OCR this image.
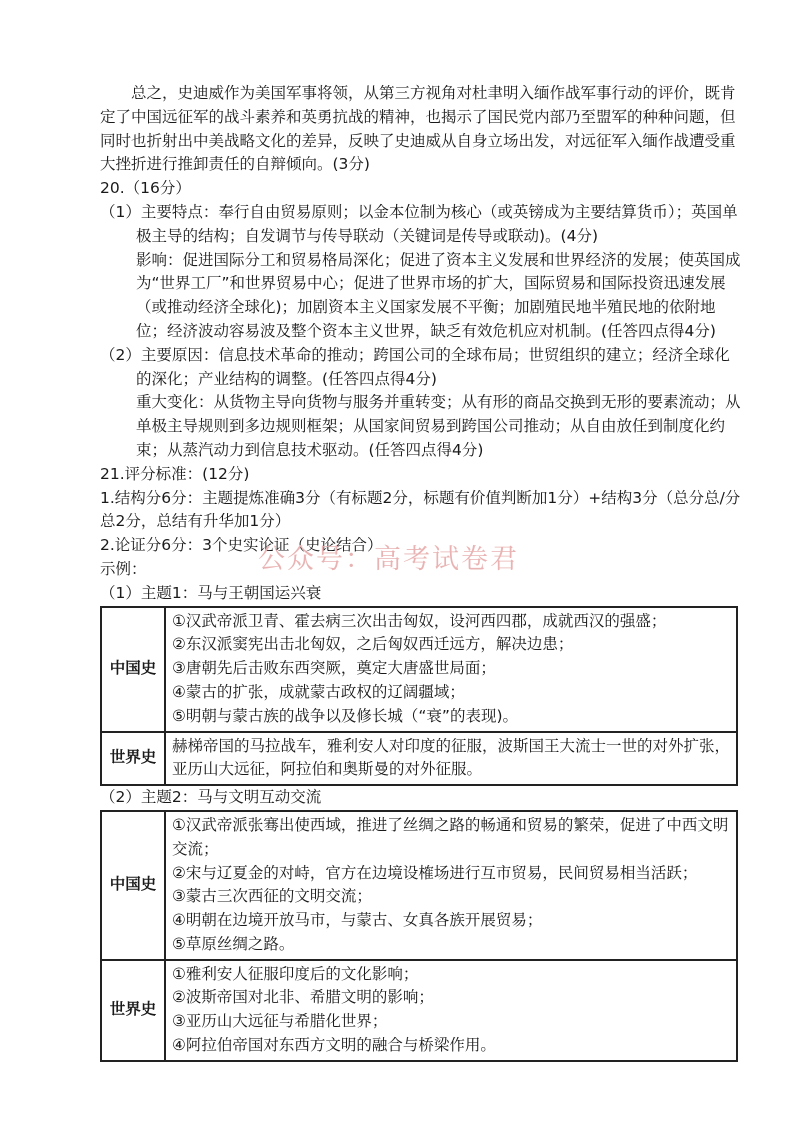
总之，史迪威作为美国军事将领，从第三方视角对杜聿明入缅作战军事行动的评价，既肯定了中国远征军的战斗素养和英勇抗战的精神，也揭示了国民党内部乃至盟军的种种问题，但同时也折射出中美战略文化的差异，反映了史迪威从自身立场出发，对远征军入缅作战遭受重大挫折进行推卸责任的自辩倾向。(3分)

20.（16分）

（1）主要特点：奉行自由贸易原则；以金本位制为核心（或英镑成为主要结算货币）；英国单极主导的结构；自发调节与传导联动（关键词是传导或联动)。(4分)

影响：促进国际分工和贸易格局深化；促进了资本主义发展和世界经济的发展；使英国成为“世界工厂”和世界贸易中心；促进了世界市场的扩大，国际贸易和国际投资迅速发展（或推动经济全球化)；加剧资本主义国家发展不平衡；加剧殖民地半殖民地的依附地位；经济波动容易波及整个资本主义世界，缺乏有效危机应对机制。(任答四点得4分)

（2）主要原因：信息技术革命的推动；跨国公司的全球布局；世贸组织的建立；经济全球化的深化；产业结构的调整。(任答四点得4分)

重大变化：从货物主导向货物与服务并重转变；从有形的商品交换到无形的要素流动；从单极主导规则到多边规则框架；从国家间贸易到跨国公司推动；从自由放任到制度化约束；从蒸汽动力到信息技术驱动。(任答四点得4分)

21.评分标准：(12分)

1.结构分6分：主题提炼准确3分（有标题2分，标题有价值判断加1分）+结构3分（总分总/分总2分，总结有升华加1分）

2.论证分6分：3个史实论证（史论结合）

示例：

（1）主题1：马与王朝国运兴衰

中国史	①汉武帝派卫青、霍去病三次出击匈奴，设河西四郡，成就西汉的强盛；
②东汉派窦宪出击北匈奴，之后匈奴西迁远方，解决边患；
③唐朝先后击败东西突厥，奠定大唐盛世局面；
④蒙古的扩张，成就蒙古政权的辽阔疆域；
⑤明朝与蒙古族的战争以及修长城（“衰”的表现)。

世界史	赫梯帝国的马拉战车，雅利安人对印度的征服，波斯国王大流士一世的对外扩张，亚历山大远征，阿拉伯和奥斯曼的对外征服。

（2）主题2：马与文明互动交流

中国史	①汉武帝派张骞出使西域，推进了丝绸之路的畅通和贸易的繁荣，促进了中西文明交流；
②宋与辽夏金的对峙，官方在边境设榷场进行互市贸易，民间贸易相当活跃；
③蒙古三次西征的文明交流；
④明朝在边境开放马市，与蒙古、女真各族开展贸易；
⑤草原丝绸之路。

世界史	①雅利安人征服印度后的文化影响；
②波斯帝国对北非、希腊文明的影响；
③亚历山大远征与希腊化世界；
④阿拉伯帝国对东西方文明的融合与桥梁作用。
公众号：高考试卷君
